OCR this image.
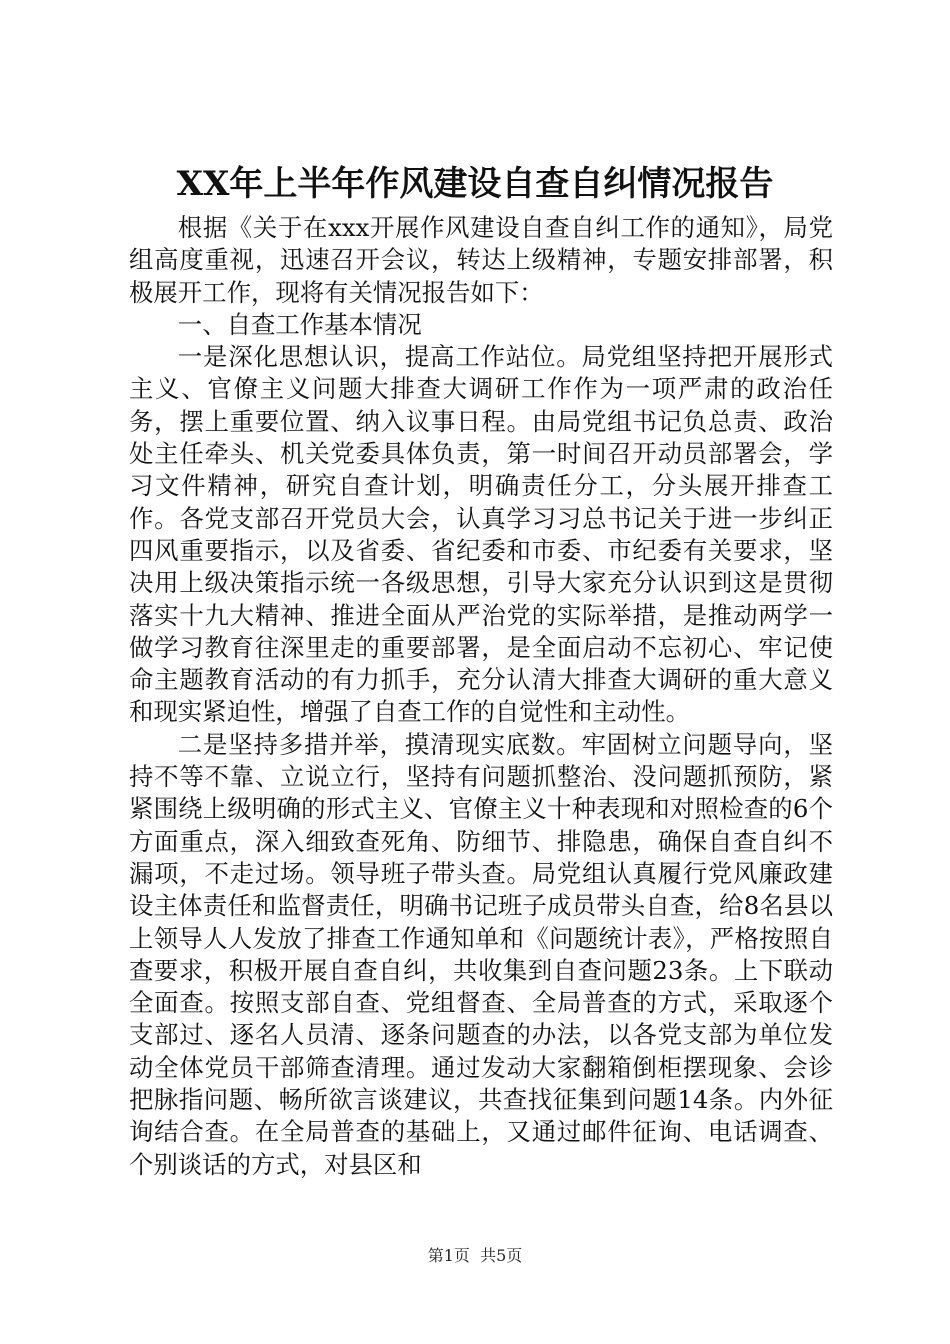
XX年上半年作风建设自查自纠情况报告

根据《关于在xxx开展作风建设自查自纠工作的通知》，局党组高度重视，迅速召开会议，转达上级精神，专题安排部署，积极展开工作，现将有关情况报告如下：

一、自查工作基本情况

一是深化思想认识，提高工作站位。局党组坚持把开展形式主义、官僚主义问题大排查大调研工作作为一项严肃的政治任务，摆上重要位置、纳入议事日程。由局党组书记负总责、政治处主任牵头、机关党委具体负责，第一时间召开动员部署会，学习文件精神，研究自查计划，明确责任分工，分头展开排查工作。各党支部召开党员大会，认真学习习总书记关于进一步纠正四风重要指示，以及省委、省纪委和市委、市纪委有关要求，坚决用上级决策指示统一各级思想，引导大家充分认识到这是贯彻落实十九大精神、推进全面从严治党的实际举措，是推动两学一做学习教育往深里走的重要部署，是全面启动不忘初心、牢记使命主题教育活动的有力抓手，充分认清大排查大调研的重大意义和现实紧迫性，增强了自查工作的自觉性和主动性。

二是坚持多措并举，摸清现实底数。牢固树立问题导向，坚持不等不靠、立说立行，坚持有问题抓整治、没问题抓预防，紧紧围绕上级明确的形式主义、官僚主义十种表现和对照检查的6个方面重点，深入细致查死角、防细节、排隐患，确保自查自纠不漏项，不走过场。领导班子带头查。局党组认真履行党风廉政建设主体责任和监督责任，明确书记班子成员带头自查，给8名县以上领导人人发放了排查工作通知单和《问题统计表》，严格按照自查要求，积极开展自查自纠，共收集到自查问题23条。上下联动全面查。按照支部自查、党组督查、全局普查的方式，采取逐个支部过、逐名人员清、逐条问题查的办法，以各党支部为单位发动全体党员干部筛查清理。通过发动大家翻箱倒柜摆现象、会诊把脉指问题、畅所欲言谈建议，共查找征集到问题14条。内外征询结合查。在全局普查的基础上，又通过邮件征询、电话调查、个别谈话的方式，对县区和

第1页  共5页
